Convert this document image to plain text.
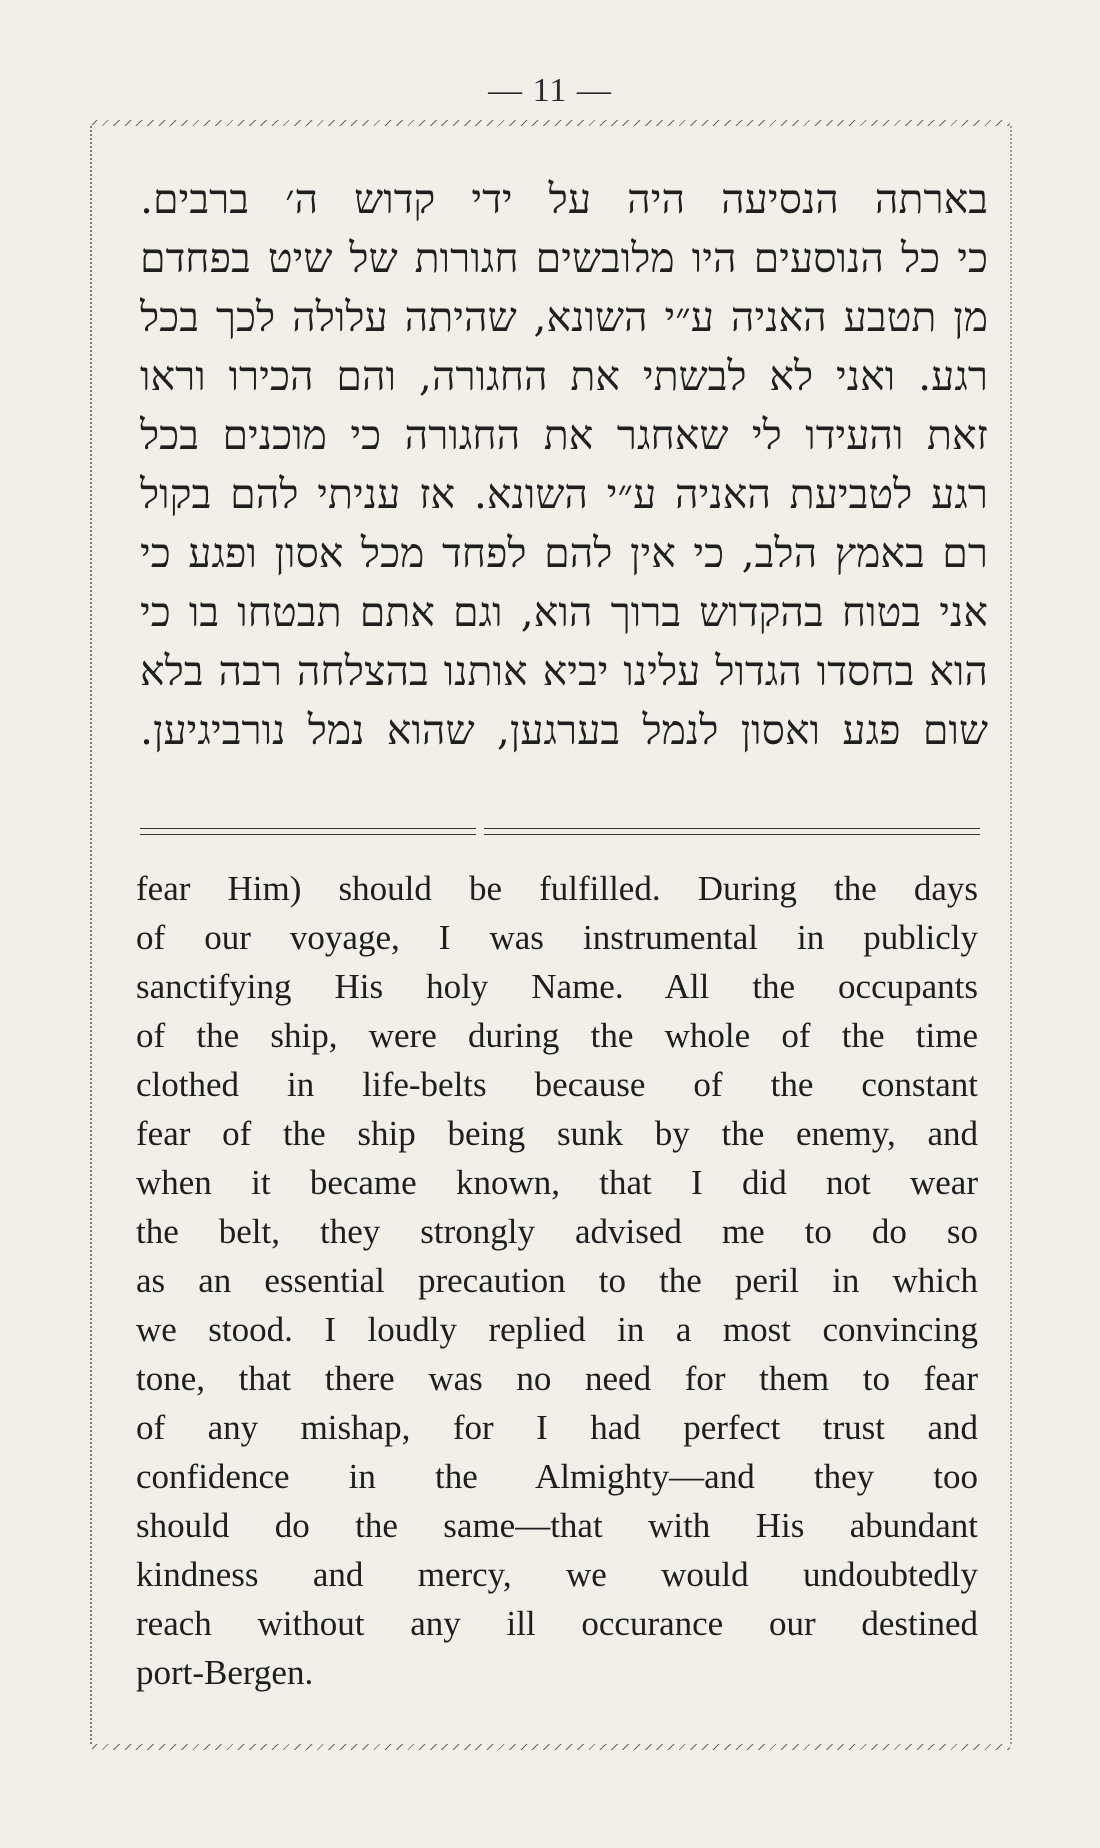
— 11 —
בארתה הנסיעה היה על ידי קדוש ה׳ ברבים.
כי כל הנוסעים היו מלובשים חגורות של שיט בפחדם
מן תטבע האניה ע״י השונא, שהיתה עלולה לכך בכל
רגע. ואני לא לבשתי את החגורה, והם הכירו וראו
זאת והעידו לי שאחגר את החגורה כי מוכנים בכל
רגע לטביעת האניה ע״י השונא. אז עניתי להם בקול
רם באמץ הלב, כי אין להם לפחד מכל אסון ופגע כי
אני בטוח בהקדוש ברוך הוא, וגם אתם תבטחו בו כי
הוא בחסדו הגדול עלינו יביא אותנו בהצלחה רבה בלא
שום פגע ואסון לנמל בערגען, שהוא נמל נורביגיען.
fear Him) should be fulfilled. During the days
of our voyage, I was instrumental in publicly
sanctifying His holy Name. All the occupants
of the ship, were during the whole of the time
clothed in life-belts because of the constant
fear of the ship being sunk by the enemy, and
when it became known, that I did not wear
the belt, they strongly advised me to do so
as an essential precaution to the peril in which
we stood. I loudly replied in a most convincing
tone, that there was no need for them to fear
of any mishap, for I had perfect trust and
confidence in the Almighty—and they too
should do the same—that with His abundant
kindness and mercy, we would undoubtedly
reach without any ill occurance our destined
port-Bergen.
